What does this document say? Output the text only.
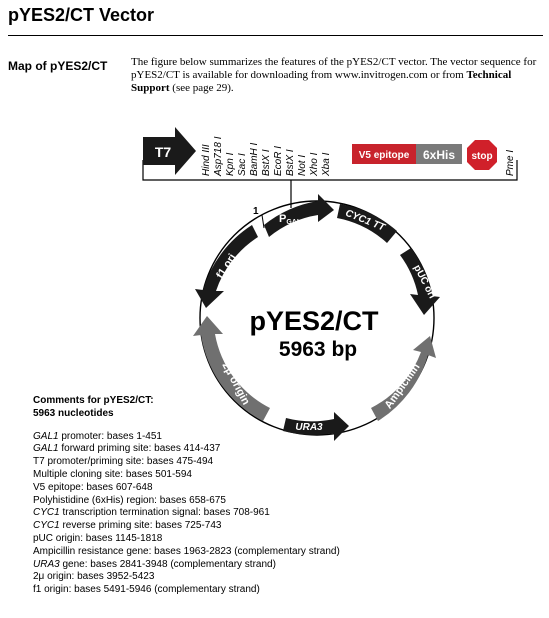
pYES2/CT Vector
Map of pYES2/CT The figure below summarizes the features of the pYES2/CT vector. The vector sequence for pYES2/CT is available for downloading from www.invitrogen.com or from Technical Support (see page 29).
T7	Hind III Asp718 I Kpn I Sac I BamH I BstX I EcoR I BstX I Not I Xho I Xba I	Pme I
V5 epitope 6xHis stop
1
PGAL1	CYC1 TT
pUC ori
Ampicillin
URA3
2μ origin
f1 ori
pYES2/CT
5963 bp
Comments for pYES2/CT:
5963 nucleotides
GAL1 promoter: bases 1-451
GAL1 forward priming site: bases 414-437
T7 promoter/priming site: bases 475-494
Multiple cloning site: bases 501-594
V5 epitope: bases 607-648
Polyhistidine (6xHis) region: bases 658-675
CYC1 transcription termination signal: bases 708-961
CYC1 reverse priming site: bases 725-743
pUC origin: bases 1145-1818
Ampicillin resistance gene: bases 1963-2823 (complementary strand)
URA3 gene: bases 2841-3948 (complementary strand)
2μ origin: bases 3952-5423
f1 origin: bases 5491-5946 (complementary strand)
